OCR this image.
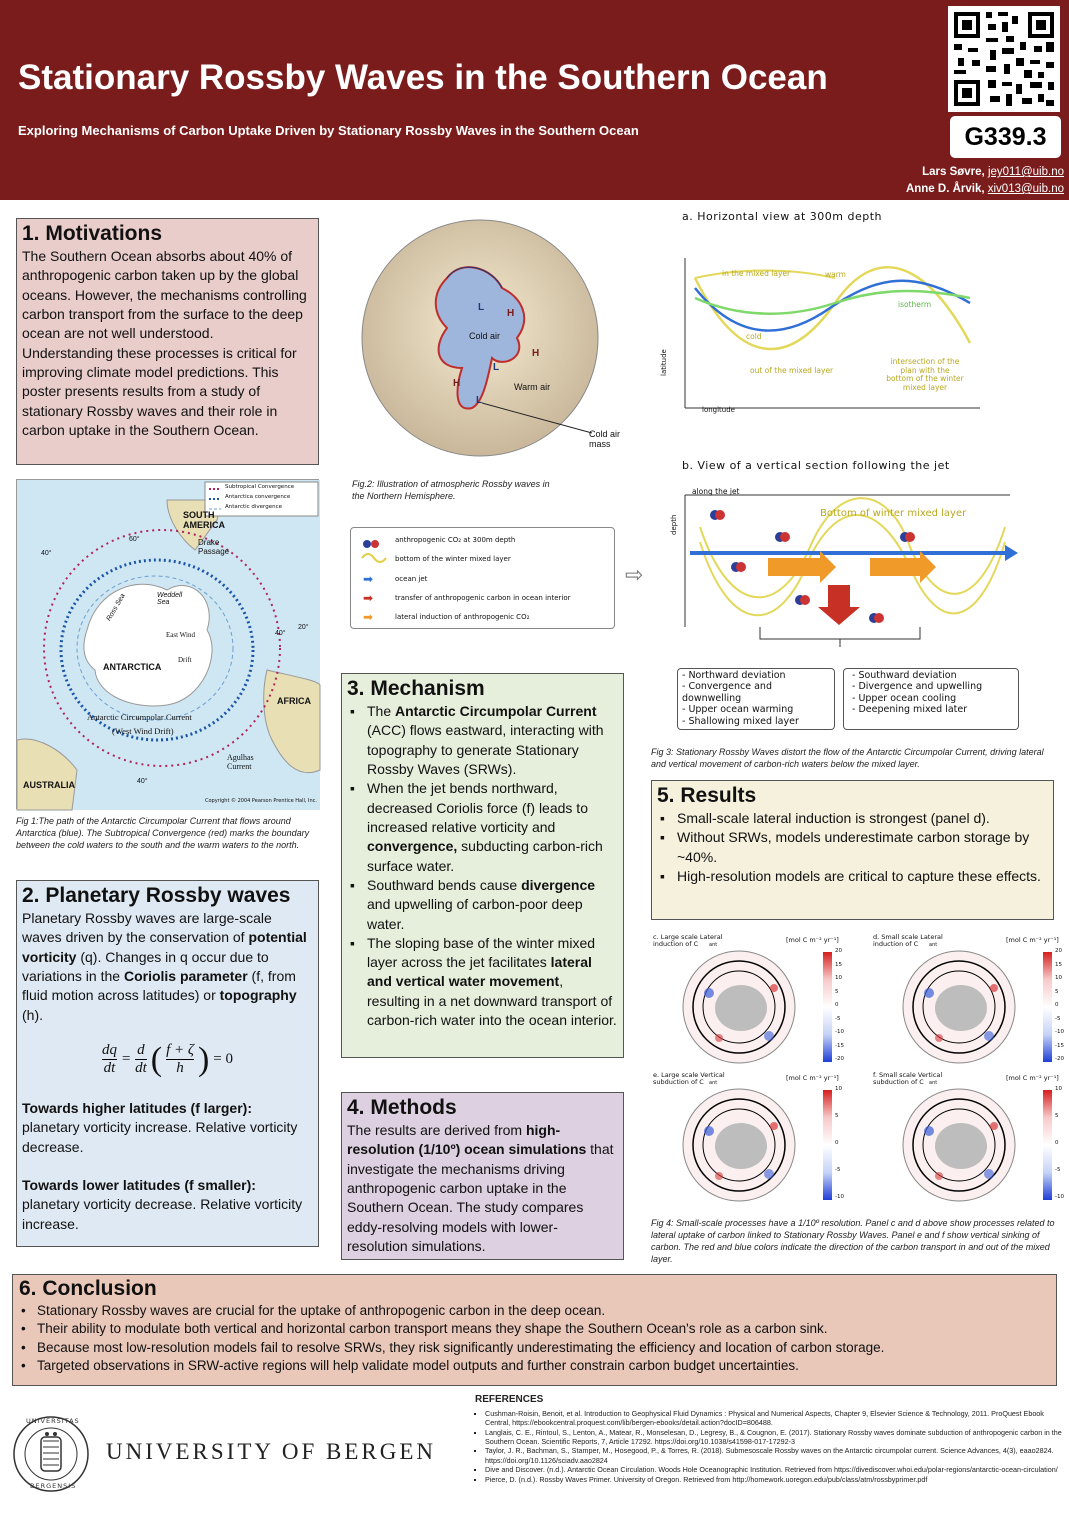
Stationary Rossby Waves in the Southern Ocean
Exploring Mechanisms of Carbon Uptake Driven by Stationary Rossby Waves in the Southern Ocean	G339.3
Lars Søvre, jey011@uib.no
Anne D. Årvik, xiv013@uib.no
1. Motivations

The Southern Ocean absorbs about 40% of anthropogenic carbon taken up by the global oceans. However, the mechanisms controlling carbon transport from the surface to the deep ocean are not well understood.

Understanding these processes is critical for improving climate model predictions. This poster presents results from a study of stationary Rossby waves and their role in carbon uptake in the Southern Ocean.

Subtropical Convergence
Antarctica convergence
Antarctic divergence
SOUTH AMERICA
Drake Passage
Weddell Sea
Ross Sea
East Wind
Drift
ANTARCTICA
Antarctic Circumpolar Current
(West Wind Drift)
AFRICA
Agulhas Current
AUSTRALIA
Copyright © 2004 Pearson Prentice Hall, Inc.
60°
40°
40°
20°
40°
Fig 1:The path of the Antarctic Circumpolar Current that flows around Antarctica (blue). The Subtropical Convergence (red) marks the boundary between the cold waters to the south and the warm waters to the north.
2. Planetary Rossby waves

Planetary Rossby waves are large-scale waves driven by the conservation of potential vorticity (q). Changes in q occur due to variations in the Coriolis parameter (f, from fluid motion across latitudes) or topography (h).

$\frac{dq}{dt} = \frac{d}{dt}$ ( $\frac{f + \zeta}{h}$ ) = 0

Towards higher latitudes (f larger): planetary vorticity increase. Relative vorticity decrease.

Towards lower latitudes (f smaller): planetary vorticity decrease. Relative vorticity increase.

Cold air
Warm air
Cold air mass
L
L
L
H
H
H
Fig.2: Illustration of atmospheric Rossby waves in the Northern Hemisphere.
anthropogenic CO₂ at 300m depth
bottom of the winter mixed layer
➡	ocean jet
➡	transfer of anthropogenic carbon in ocean interior
➡	lateral induction of anthropogenic CO₂
⇨
a. Horizontal view at 300m depth
in the mixed layer	warm
isotherm
cold
out of the mixed layer
intersection of the plan with the bottom of the winter mixed layer
latitude
longitude
b. View of a vertical section following the jet
along the jet
depth
Bottom of winter mixed layer
- Northward deviation
- Convergence and downwelling
- Upper ocean warming
- Shallowing mixed layer
- Southward deviation
- Divergence and upwelling
- Upper ocean cooling
- Deepening mixed later
Fig 3: Stationary Rossby Waves distort the flow of the Antarctic Circumpolar Current, driving lateral and vertical movement of carbon-rich waters below the mixed layer.
3. Mechanism
▪ The Antarctic Circumpolar Current (ACC) flows eastward, interacting with topography to generate Stationary Rossby Waves (SRWs).
▪ When the jet bends northward, decreased Coriolis force (f) leads to increased relative vorticity and convergence, subducting carbon-rich surface water.
▪ Southward bends cause divergence and upwelling of carbon-poor deep water.
▪ The sloping base of the winter mixed layer across the jet facilitates lateral and vertical water movement, resulting in a net downward transport of carbon-rich water into the ocean interior.
4. Methods

The results are derived from high-resolution (1/10º) ocean simulations that investigate the mechanisms driving anthropogenic carbon uptake in the Southern Ocean. The study compares eddy-resolving models with lower-resolution simulations.

5. Results
▪ Small-scale lateral induction is strongest (panel d).
▪ Without SRWs, models underestimate carbon storage by ~40%.
▪ High-resolution models are critical to capture these effects.
c. Large scale Lateral induction of C	ant
[mol C m⁻² yr⁻¹]
20
15
10
5
0
-5
-10
-15
-20
d. Small scale Lateral induction of C	ant
[mol C m⁻² yr⁻¹]
20
15
10
5
0
-5
-10
-15
-20
e. Large scale Vertical subduction of C	ant
[mol C m⁻² yr⁻¹]
10
5
0
-5
-10
f. Small scale Vertical subduction of C	ant
[mol C m⁻² yr⁻¹]
10
5
0
-5
-10
Fig 4: Small-scale processes have a 1/10º resolution. Panel c and d above show processes related to lateral uptake of carbon linked to Stationary Rossby Waves. Panel e and f show vertical sinking of carbon. The red and blue colors indicate the direction of the carbon transport in and out of the mixed layer.
6. Conclusion
• Stationary Rossby waves are crucial for the uptake of anthropogenic carbon in the deep ocean.
• Their ability to modulate both vertical and horizontal carbon transport means they shape the Southern Ocean's role as a carbon sink.
• Because most low-resolution models fail to resolve SRWs, they risk significantly underestimating the efficiency and location of carbon storage.
• Targeted observations in SRW-active regions will help validate model outputs and further constrain carbon budget uncertainties.
UNIVERSITAS
BERGENSIS
UNIVERSITY OF BERGEN
REFERENCES
▪ Cushman-Roisin, Benoit, et al. Introduction to Geophysical Fluid Dynamics : Physical and Numerical Aspects, Chapter 9, Elsevier Science & Technology, 2011. ProQuest Ebook Central, https://ebookcentral.proquest.com/lib/bergen-ebooks/detail.action?docID=806488.
▪ Langlais, C. E., Rintoul, S., Lenton, A., Matear, R., Monselesan, D., Legresy, B., & Cougnon, E. (2017). Stationary Rossby waves dominate subduction of anthropogenic carbon in the Southern Ocean. Scientific Reports, 7, Article 17292. https://doi.org/10.1038/s41598-017-17292-3
▪ Taylor, J. R., Bachman, S., Stamper, M., Hosegood, P., & Torres, R. (2018). Submesoscale Rossby waves on the Antarctic circumpolar current. Science Advances, 4(3), eaao2824. https://doi.org/10.1126/sciadv.aao2824
▪ Dive and Discover. (n.d.). Antarctic Ocean Circulation. Woods Hole Oceanographic Institution. Retrieved from https://divediscover.whoi.edu/polar-regions/antarctic-ocean-circulation/
▪ Pierce, D. (n.d.). Rossby Waves Primer. University of Oregon. Retrieved from http://homework.uoregon.edu/pub/class/atm/rossbyprimer.pdf
